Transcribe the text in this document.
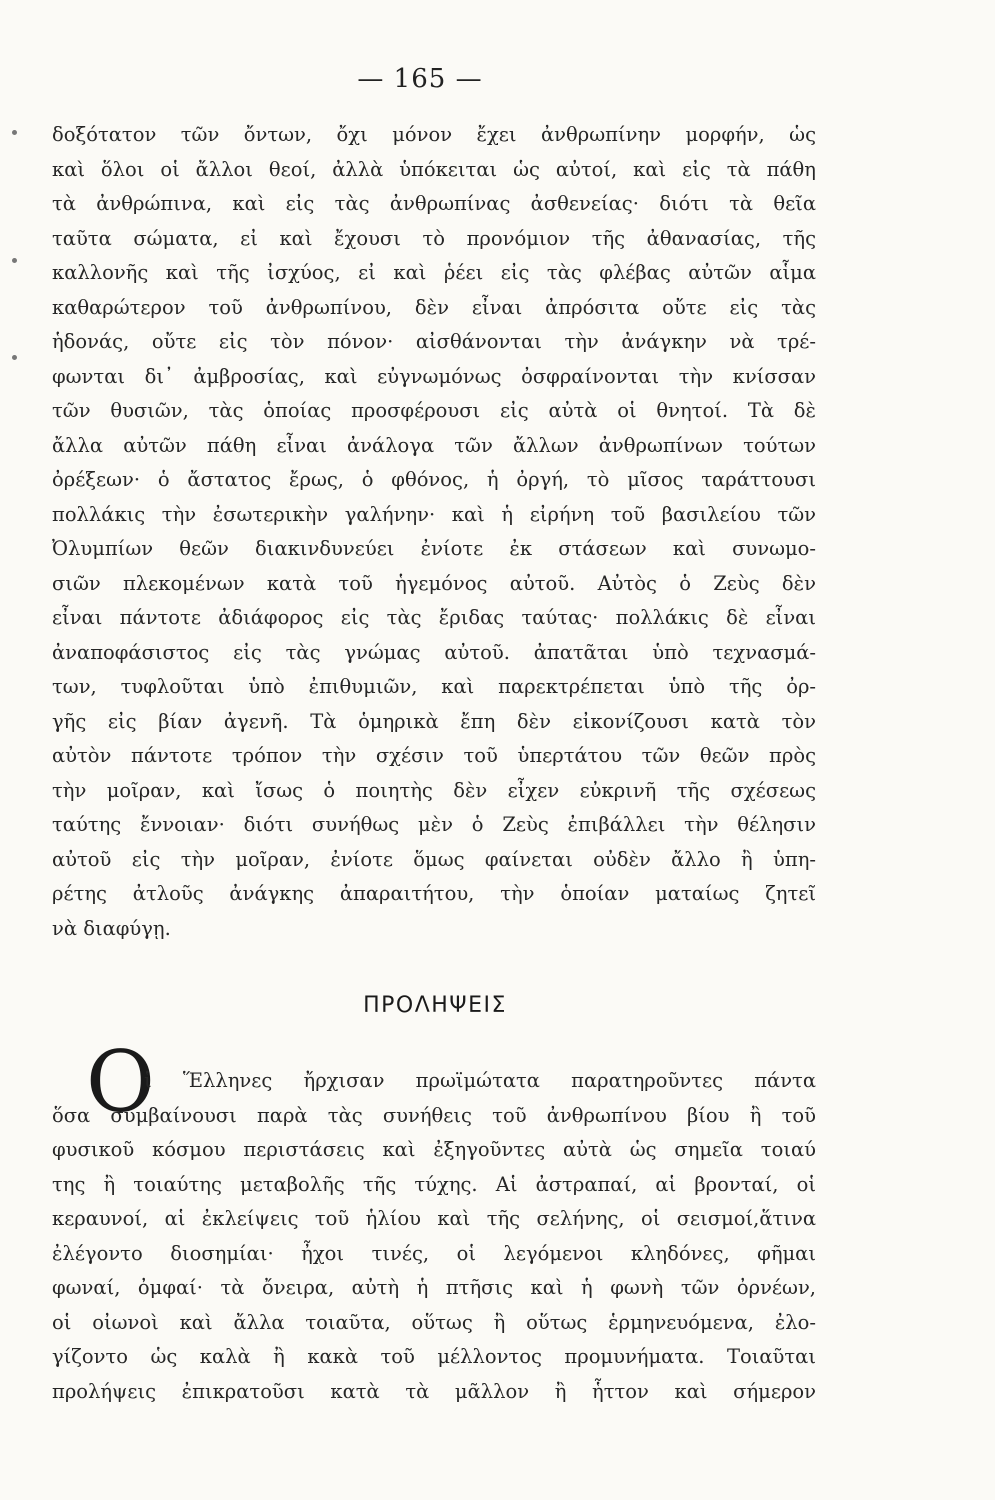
— 165 —
δοξότατον τῶν ὄντων, ὄχι μόνον ἔχει ἀνθρωπίνην μορφήν, ὡς
καὶ ὅλοι οἱ ἄλλοι θεοί, ἀλλὰ ὑπόκειται ὡς αὐτοί, καὶ εἰς τὰ πάθη
τὰ ἀνθρώπινα, καὶ εἰς τὰς ἀνθρωπίνας ἀσθενείας· διότι τὰ θεῖα
ταῦτα σώματα, εἰ καὶ ἔχουσι τὸ προνόμιον τῆς ἀθανασίας, τῆς
καλλονῆς καὶ τῆς ἰσχύος, εἰ καὶ ῥέει εἰς τὰς φλέβας αὐτῶν αἷμα
καθαρώτερον τοῦ ἀνθρωπίνου, δὲν εἶναι ἀπρόσιτα οὔτε εἰς τὰς
ἡδονάς, οὔτε εἰς τὸν πόνον· αἰσθάνονται τὴν ἀνάγκην νὰ τρέ-
φωνται δι᾽ ἀμβροσίας, καὶ εὐγνωμόνως ὀσφραίνονται τὴν κνίσσαν
τῶν θυσιῶν, τὰς ὁποίας προσφέρουσι εἰς αὐτὰ οἱ θνητοί. Τὰ δὲ
ἄλλα αὐτῶν πάθη εἶναι ἀνάλογα τῶν ἄλλων ἀνθρωπίνων τούτων
ὀρέξεων· ὁ ἄστατος ἔρως, ὁ φθόνος, ἡ ὀργή, τὸ μῖσος ταράττουσι
πολλάκις τὴν ἐσωτερικὴν γαλήνην· καὶ ἡ εἰρήνη τοῦ βασιλείου τῶν
Ὀλυμπίων θεῶν διακινδυνεύει ἐνίοτε ἐκ στάσεων καὶ συνωμο-
σιῶν πλεκομένων κατὰ τοῦ ἡγεμόνος αὐτοῦ. Αὐτὸς ὁ Ζεὺς δὲν
εἶναι πάντοτε ἀδιάφορος εἰς τὰς ἔριδας ταύτας· πολλάκις δὲ εἶναι
ἀναποφάσιστος εἰς τὰς γνώμας αὐτοῦ. ἀπατᾶται ὑπὸ τεχνασμά-
των, τυφλοῦται ὑπὸ ἐπιθυμιῶν, καὶ παρεκτρέπεται ὑπὸ τῆς ὀρ-
γῆς εἰς βίαν ἀγενῆ. Τὰ ὁμηρικὰ ἔπη δὲν εἰκονίζουσι κατὰ τὸν
αὐτὸν πάντοτε τρόπον τὴν σχέσιν τοῦ ὑπερτάτου τῶν θεῶν πρὸς
τὴν μοῖραν, καὶ ἴσως ὁ ποιητὴς δὲν εἶχεν εὐκρινῆ τῆς σχέσεως
ταύτης ἔννοιαν· διότι συνήθως μὲν ὁ Ζεὺς ἐπιβάλλει τὴν θέλησιν
αὐτοῦ εἰς τὴν μοῖραν, ἐνίοτε ὅμως φαίνεται οὐδὲν ἄλλο ἢ ὑπη-
ρέτης ἀτλοῦς ἀνάγκης ἀπαραιτήτου, τὴν ὁποίαν ματαίως ζητεῖ
νὰ διαφύγῃ.
ΠΡΟΛΗΨΕΙΣ
O
ἱ Ἕλληνες ἤρχισαν πρωϊμώτατα παρατηροῦντες πάντα
ὅσα συμβαίνουσι παρὰ τὰς συνήθεις τοῦ ἀνθρωπίνου βίου ἢ τοῦ
φυσικοῦ κόσμου περιστάσεις καὶ ἐξηγοῦντες αὐτὰ ὡς σημεῖα τοιαύ
της ἢ τοιαύτης μεταβολῆς τῆς τύχης. Αἱ ἀστραπαί, αἱ βρονταί, οἱ
κεραυνοί, αἱ ἐκλείψεις τοῦ ἡλίου καὶ τῆς σελήνης, οἱ σεισμοί,ἅτινα
ἐλέγοντο διοσημίαι· ἦχοι τινές, οἱ λεγόμενοι κληδόνες, φῆμαι
φωναί, ὀμφαί· τὰ ὄνειρα, αὐτὴ ἡ πτῆσις καὶ ἡ φωνὴ τῶν ὀρνέων,
οἱ οἰωνοὶ καὶ ἄλλα τοιαῦτα, οὕτως ἢ οὕτως ἑρμηνευόμενα, ἐλο-
γίζοντο ὡς καλὰ ἢ κακὰ τοῦ μέλλοντος προμυνήματα. Τοιαῦται
προλήψεις ἐπικρατοῦσι κατὰ τὰ μᾶλλον ἢ ἧττον καὶ σήμερον
